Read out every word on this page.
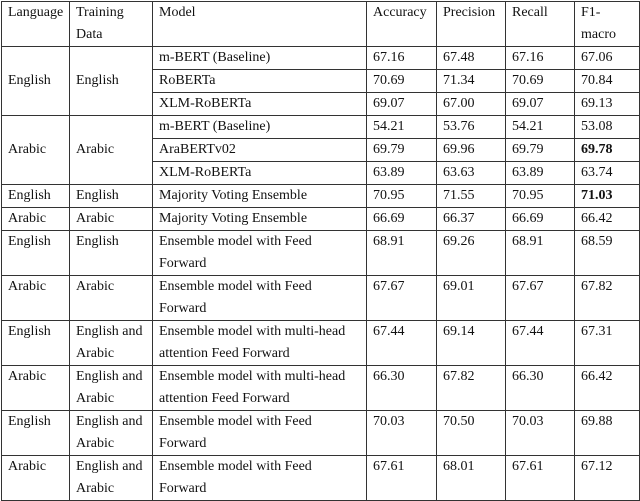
Language	Training Data	Model	Accuracy	Precision	Recall	F1-macro
English	English	m-BERT (Baseline)	67.16	67.48	67.16	67.06
		RoBERTa	70.69	71.34	70.69	70.84
		XLM-RoBERTa	69.07	67.00	69.07	69.13
Arabic	Arabic	m-BERT (Baseline)	54.21	53.76	54.21	53.08
		AraBERTv02	69.79	69.96	69.79	69.78
		XLM-RoBERTa	63.89	63.63	63.89	63.74
English	English	Majority Voting Ensemble	70.95	71.55	70.95	71.03
Arabic	Arabic	Majority Voting Ensemble	66.69	66.37	66.69	66.42
English	English	Ensemble model with Feed Forward	68.91	69.26	68.91	68.59
Arabic	Arabic	Ensemble model with Feed Forward	67.67	69.01	67.67	67.82
English	English and Arabic	Ensemble model with multi-head attention Feed Forward	67.44	69.14	67.44	67.31
Arabic	English and Arabic	Ensemble model with multi-head attention Feed Forward	66.30	67.82	66.30	66.42
English	English and Arabic	Ensemble model with Feed Forward	70.03	70.50	70.03	69.88
Arabic	English and Arabic	Ensemble model with Feed Forward	67.61	68.01	67.61	67.12
